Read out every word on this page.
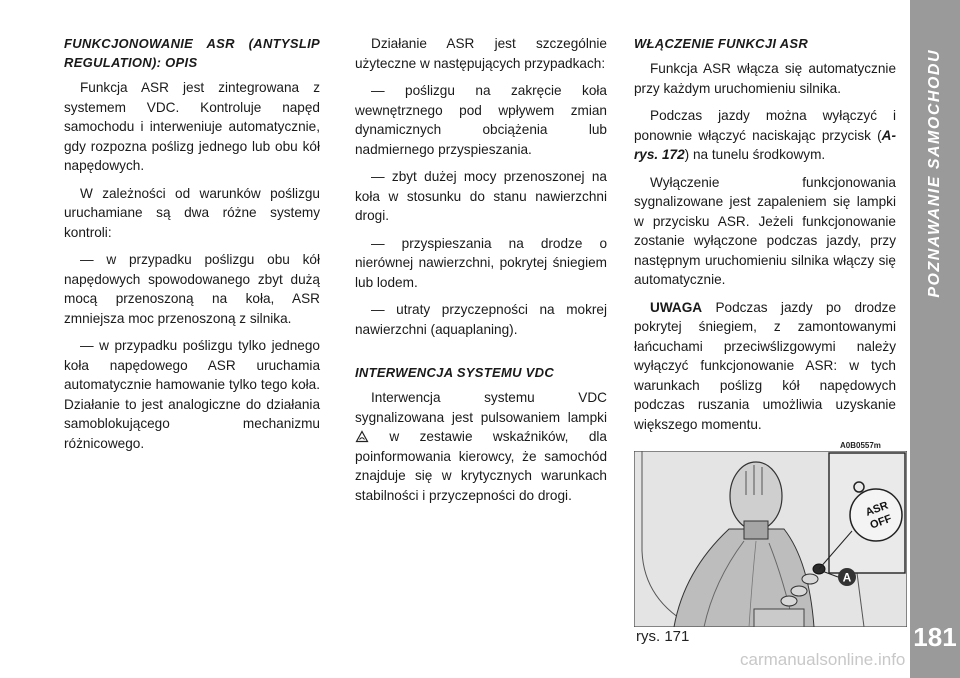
POZNAWANIE SAMOCHODU
181
FUNKCJONOWANIE ASR (ANTYSLIP REGULATION): OPIS

Funkcja ASR jest zintegrowana z systemem VDC. Kontroluje napęd samochodu i interweniuje automatycznie, gdy rozpozna poślizg jednego lub obu kół napędowych.

W zależności od warunków poślizgu uruchamiane są dwa różne systemy kontroli:

— w przypadku poślizgu obu kół napędowych spowodowanego zbyt dużą mocą przenoszoną na koła, ASR zmniejsza moc przenoszoną z silnika.

— w przypadku poślizgu tylko jednego koła napędowego ASR uruchamia automatycznie hamowanie tylko tego koła. Działanie to jest analogiczne do działania samoblokującego mechanizmu różnicowego.

Działanie ASR jest szczególnie użyteczne w następujących przypadkach:

— poślizgu na zakręcie koła wewnętrznego pod wpływem zmian dynamicznych obciążenia lub nadmiernego przyspieszania.

— zbyt dużej mocy przenoszonej na koła w stosunku do stanu nawierzchni drogi.

— przyspieszania na drodze o nierównej nawierzchni, pokrytej śniegiem lub lodem.

— utraty przyczepności na mokrej nawierzchni (aquaplaning).

INTERWENCJA SYSTEMU VDC

Interwencja systemu VDC sygnalizowana jest pulsowaniem lampki  w zestawie wskaźników, dla poinformowania kierowcy, że samochód znajduje się w krytycznych warunkach stabilności i przyczepności do drogi.

WŁĄCZENIE FUNKCJI ASR

Funkcja ASR włącza się automatycznie przy każdym uruchomieniu silnika.

Podczas jazdy można wyłączyć i ponownie włączyć naciskając przycisk (A-rys. 172) na tunelu środkowym.

Wyłączenie funkcjonowania sygnalizowane jest zapaleniem się lampki w przycisku ASR. Jeżeli funkcjonowanie zostanie wyłączone podczas jazdy, przy następnym uruchomieniu silnika włączy się automatycznie.

UWAGA Podczas jazdy po drodze pokrytej śniegiem, z zamontowanymi łańcuchami przeciwślizgowymi należy wyłączyć funkcjonowanie ASR: w tych warunkach poślizg kół napędowych podczas ruszania umożliwia uzyskanie większego momentu.

A0B0557m
ASR
OFF
A
rys. 171
carmanualsonline.info
